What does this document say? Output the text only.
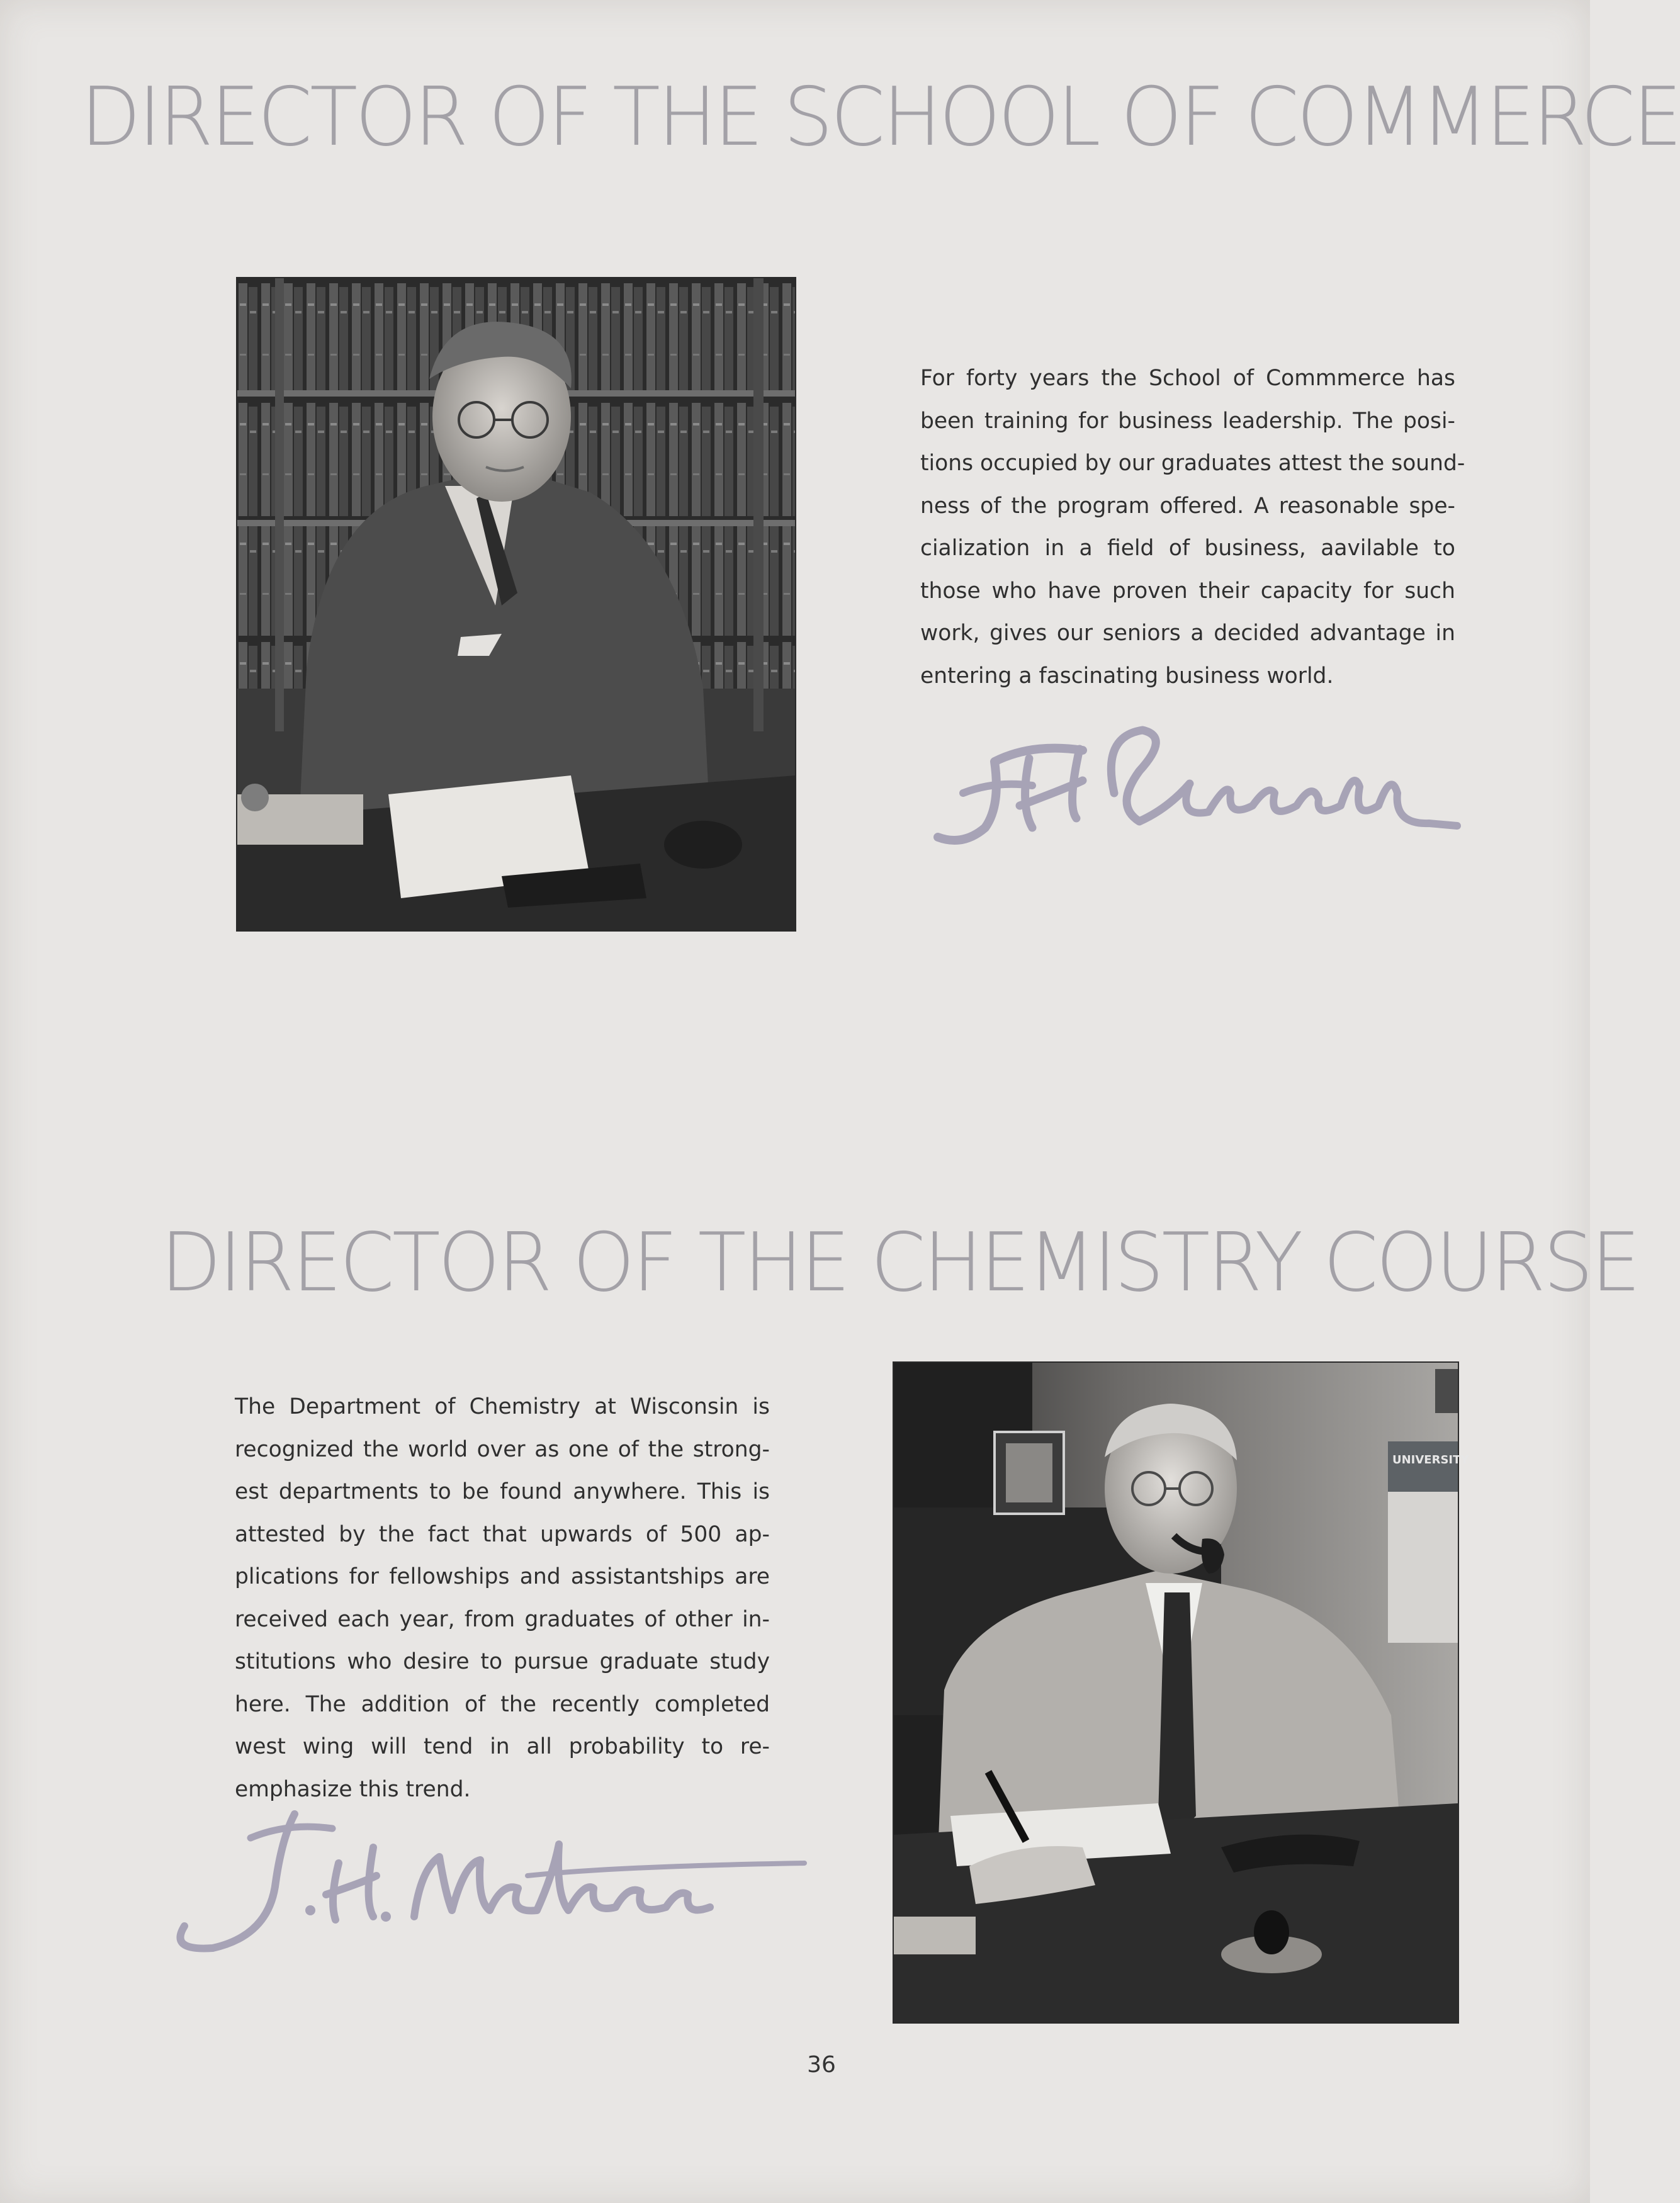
DIRECTOR OF THE SCHOOL OF COMMERCE

For forty years the School of Commmerce has
been training for business leadership. The posi-
tions occupied by our graduates attest the sound-
ness of the program offered. A reasonable spe-
cialization in a field of business, aavilable to
those who have proven their capacity for such
work, gives our seniors a decided advantage in
entering a fascinating business world.

DIRECTOR OF THE CHEMISTRY COURSE

The Department of Chemistry at Wisconsin is
recognized the world over as one of the strong-
est departments to be found anywhere. This is
attested by the fact that upwards of 500 ap-
plications for fellowships and assistantships are
received each year, from graduates of other in-
stitutions who desire to pursue graduate study
here. The addition of the recently completed
west wing will tend in all probability to re-
emphasize this trend.

UNIVERSITY
36
